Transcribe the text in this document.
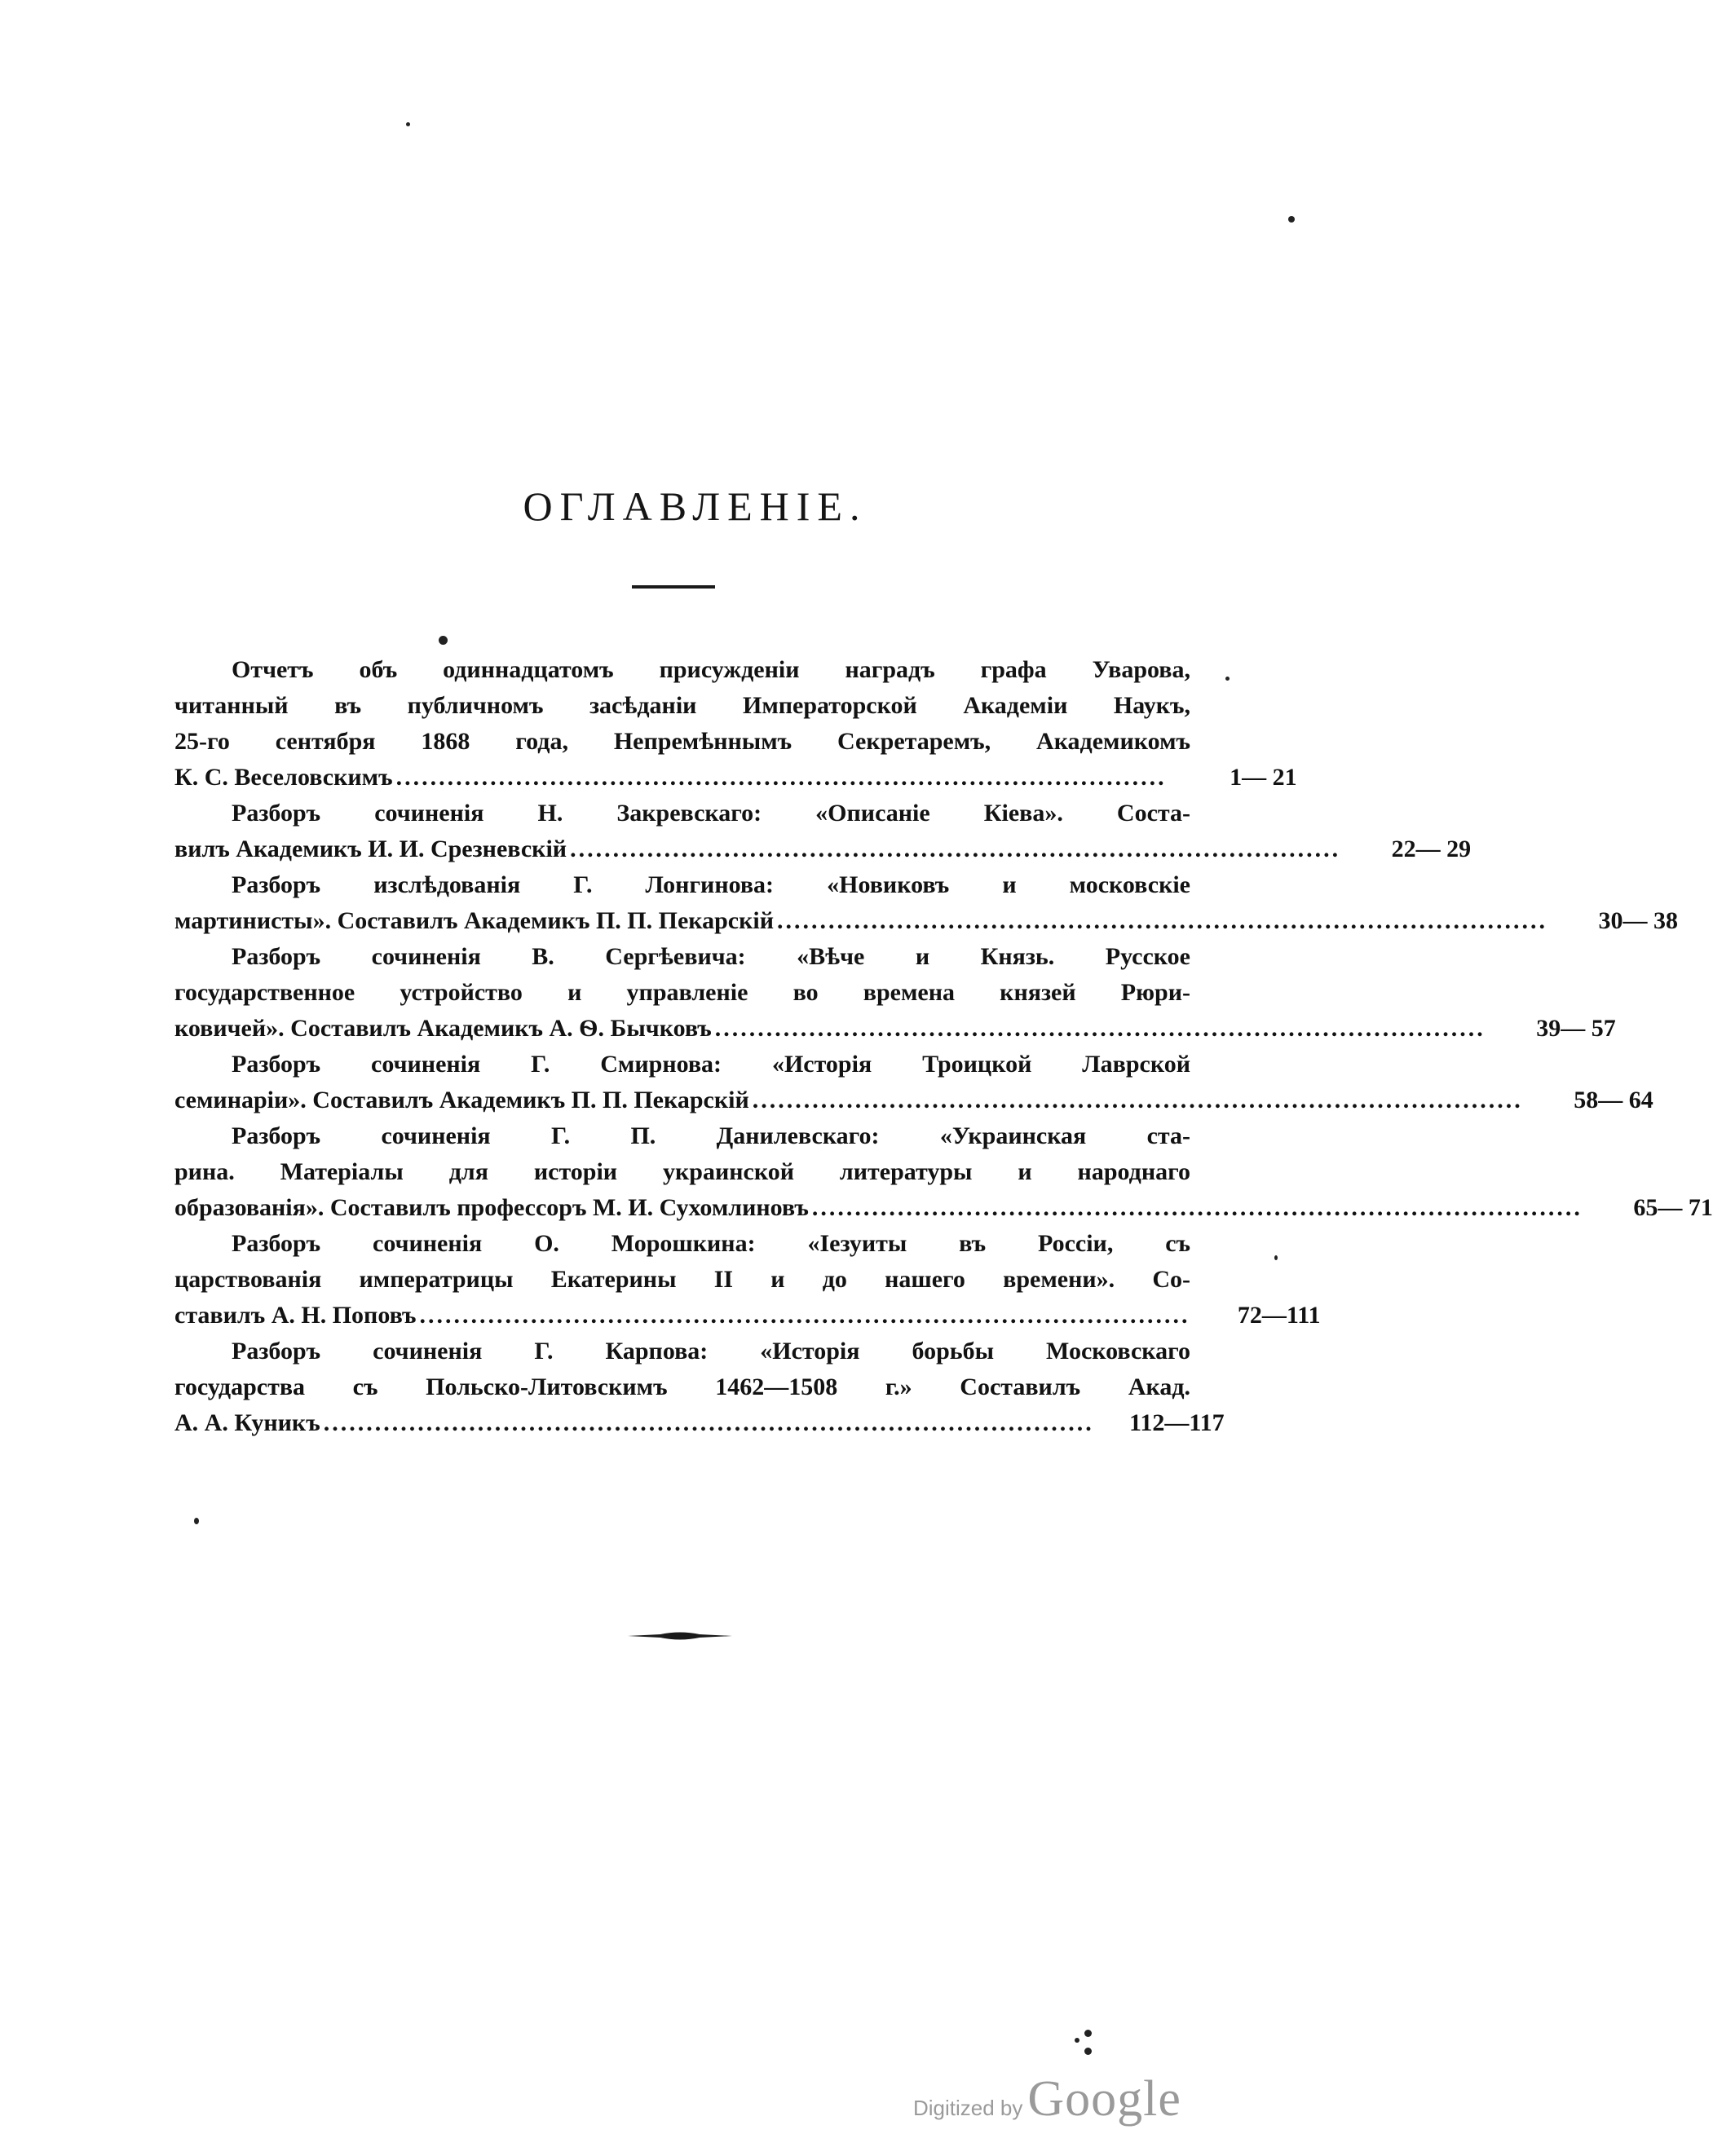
ОГЛАВЛЕНІЕ.

Отчетъ объ одиннадцатомъ присужденіи наградъ графа Уварова,

читанный въ публичномъ засѣданіи Императорской Академіи Наукъ,

25-го сентября 1868 года, Непремѣннымъ Секретаремъ, Академикомъ

К. С. Веселовскимъ ..........................................................................................	1— 21

Разборъ сочиненія Н. Закревскаго: «Описаніе Кіева». Соста-

вилъ Академикъ И. И. Срезневскій ..........................................................................................	22— 29

Разборъ изслѣдованія Г. Лонгинова: «Новиковъ и московскіе

мартинисты». Составилъ Академикъ П. П. Пекарскій ..........................................................................................	30— 38

Разборъ сочиненія В. Сергѣевича: «Вѣче и Князь. Русское

государственное устройство и управленіе во времена князей Рюри-

ковичей». Составилъ Академикъ А. Ѳ. Бычковъ ..........................................................................................	39— 57

Разборъ сочиненія Г. Смирнова: «Исторія Троицкой Лаврской

семинаріи». Составилъ Академикъ П. П. Пекарскій ..........................................................................................	58— 64

Разборъ сочиненія Г. П. Данилевскаго: «Украинская ста-

рина. Матеріалы для исторіи украинской литературы и народнаго

образованія». Составилъ профессоръ М. И. Сухомлиновъ ..........................................................................................	65— 71

Разборъ сочиненія О. Морошкина: «Іезуиты въ Россіи, съ

царствованія императрицы Екатерины II и до нашего времени». Со-

ставилъ А. Н. Поповъ ..........................................................................................	72—111

Разборъ сочиненія Г. Карпова: «Исторія борьбы Московскаго

государства съ Польско-Литовскимъ 1462—1508 г.» Составилъ Акад.

А. А. Куникъ ..........................................................................................	112—117
Digitized by Google
